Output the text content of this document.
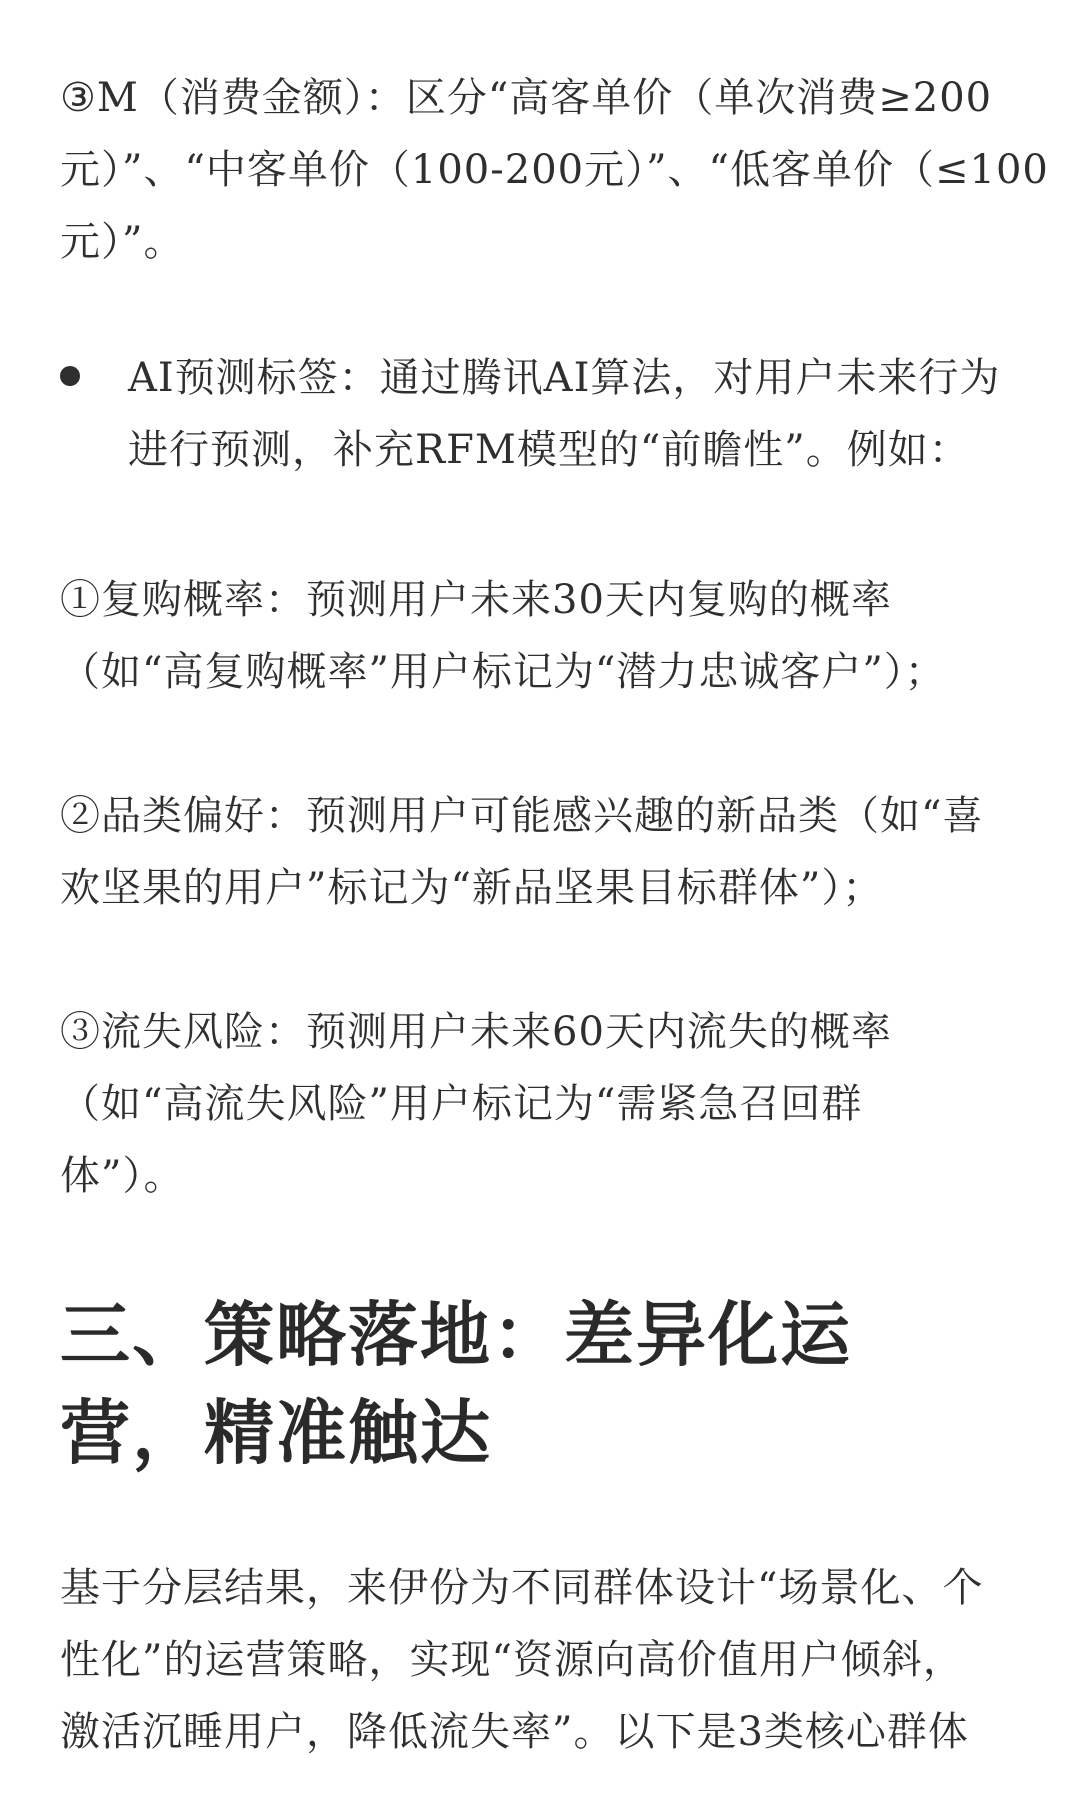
③M（消费金额）：区分“高客单价（单次消费≥200
元）”、“中客单价（100-200元）”、“低客单价（≤100
元）”。
AI预测标签：通过腾讯AI算法，对用户未来行为
进行预测，补充RFM模型的“前瞻性”。例如：
①复购概率：预测用户未来30天内复购的概率
（如“高复购概率”用户标记为“潜力忠诚客户”）；
②品类偏好：预测用户可能感兴趣的新品类（如“喜
欢坚果的用户”标记为“新品坚果目标群体”）；
③流失风险：预测用户未来60天内流失的概率
（如“高流失风险”用户标记为“需紧急召回群
体”）。
三、策略落地：差异化运
营，精准触达
基于分层结果，来伊份为不同群体设计“场景化、个
性化”的运营策略，实现“资源向高价值用户倾斜，
激活沉睡用户，降低流失率”。以下是3类核心群体
